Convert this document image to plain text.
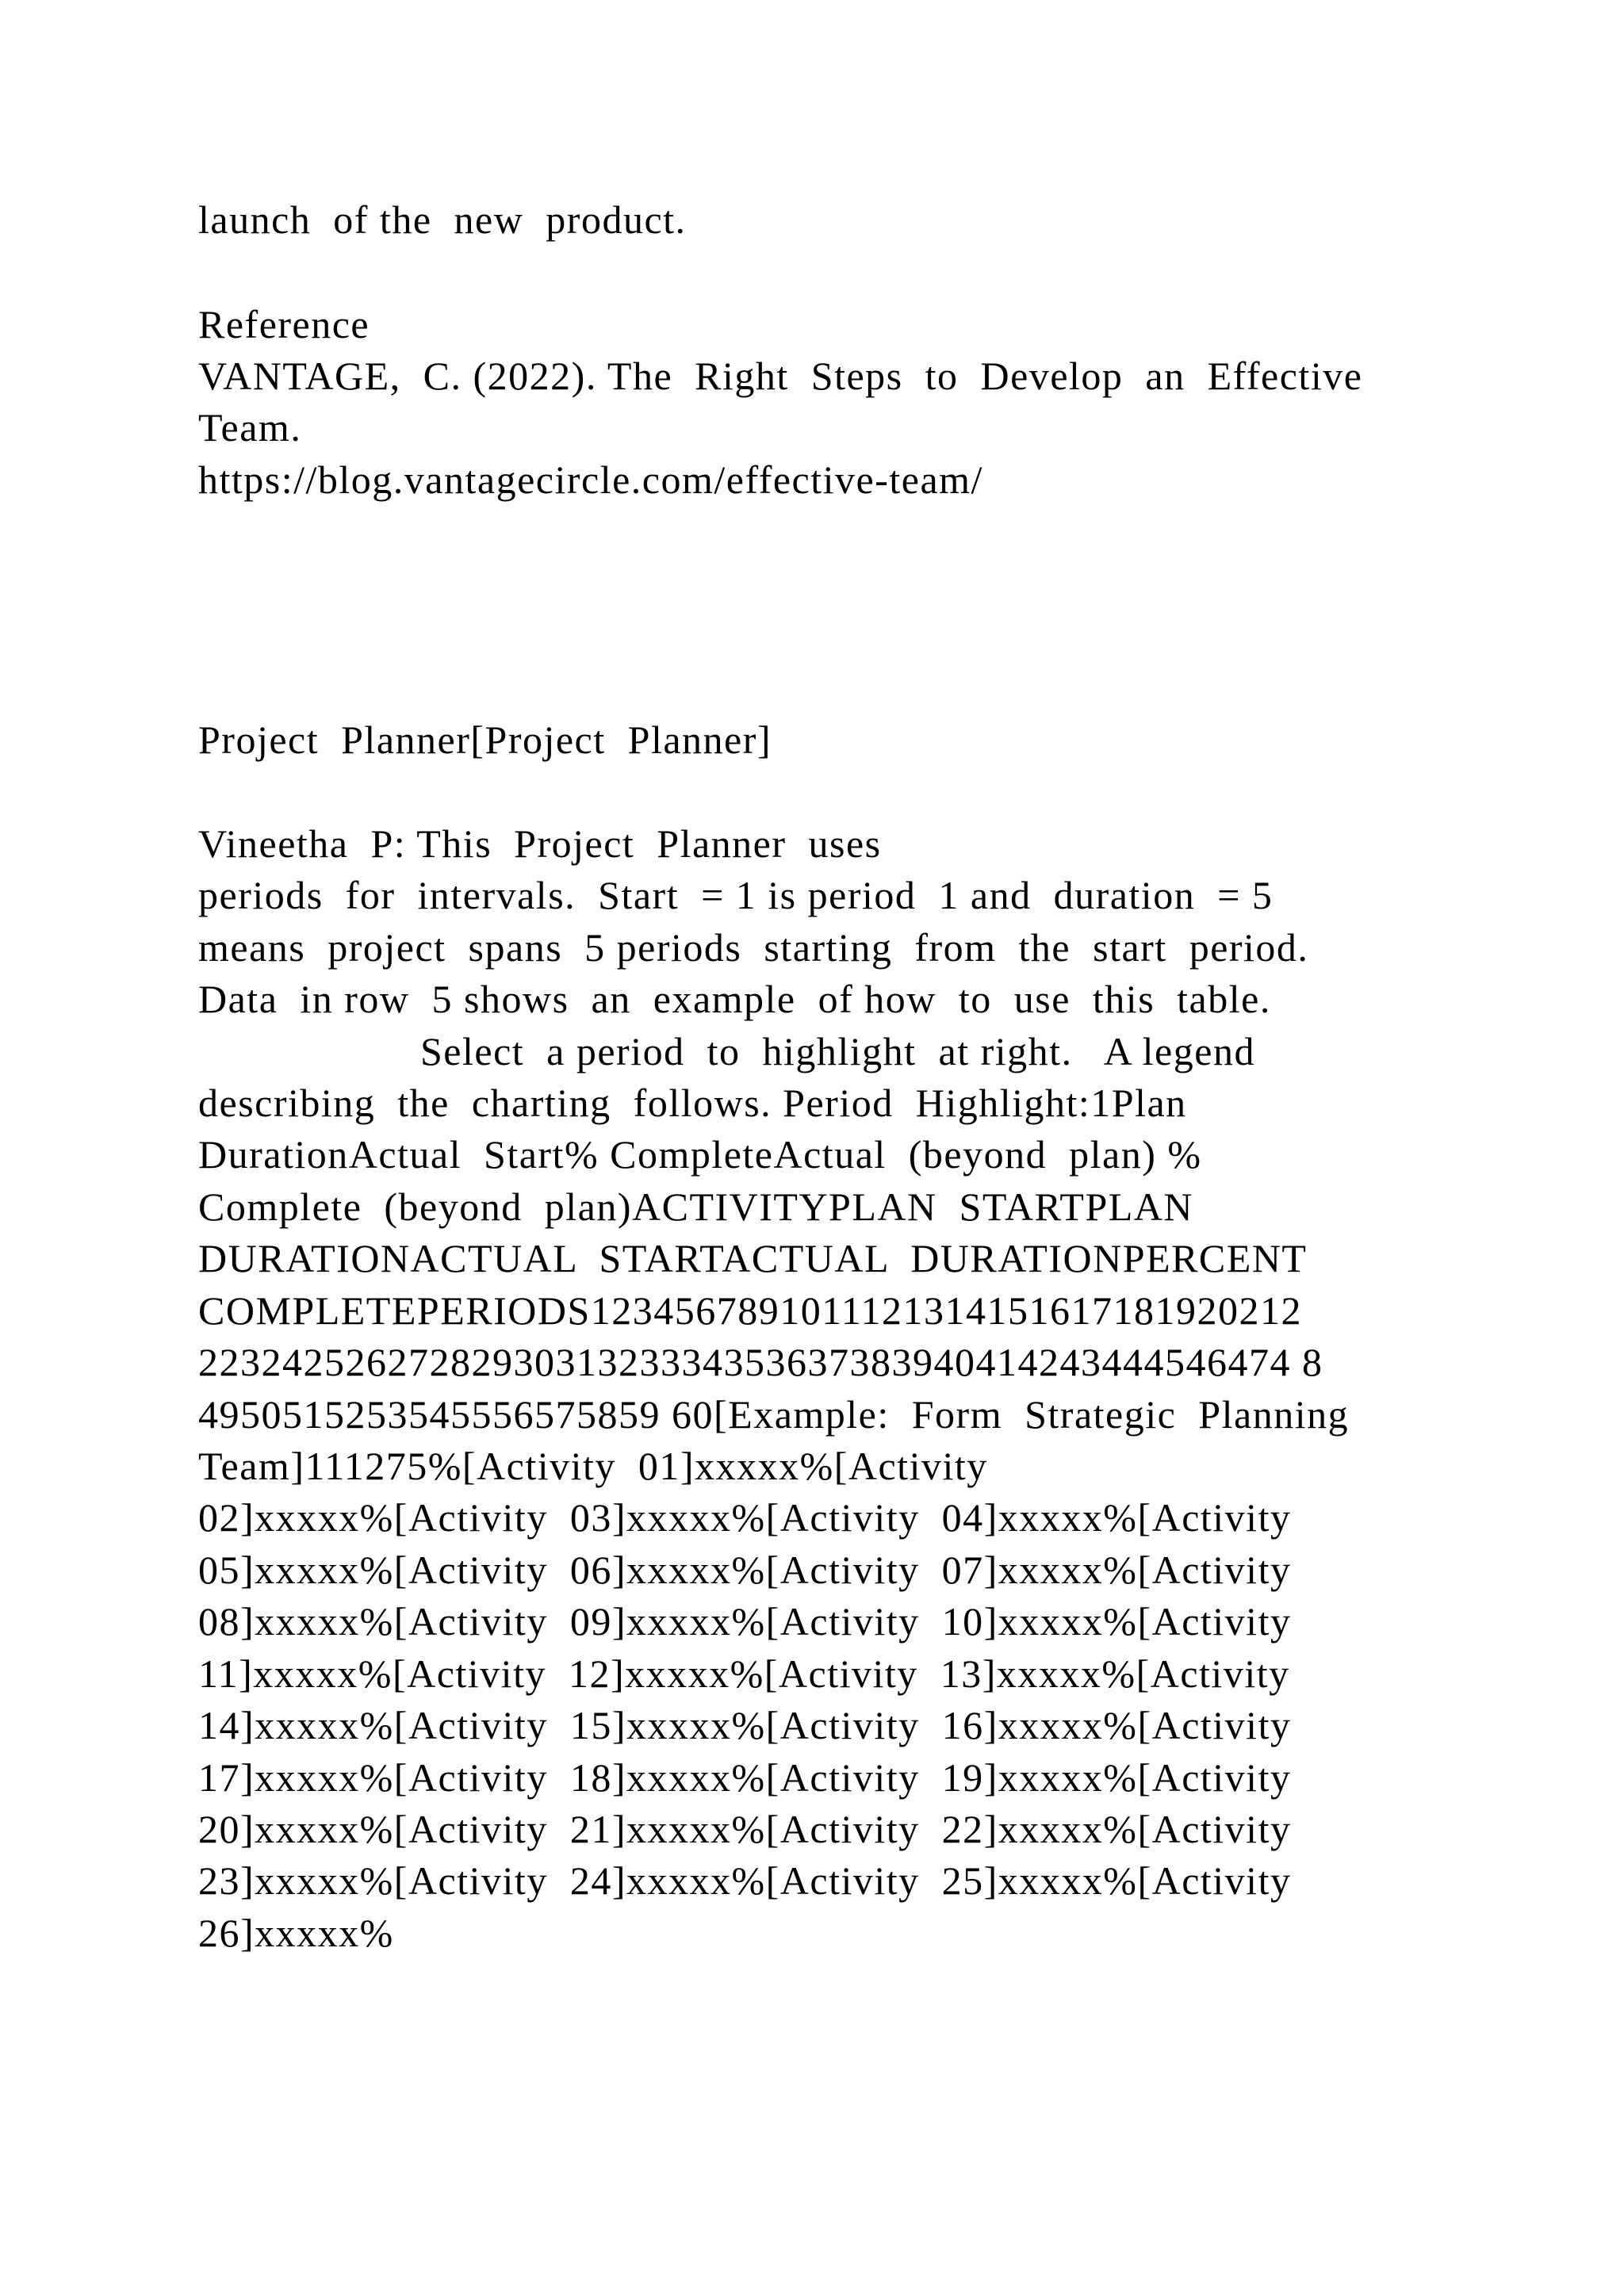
launch  of the  new  product.
Reference
VANTAGE,  C. (2022). The  Right  Steps  to  Develop  an  Effective
Team.
https://blog.vantagecircle.com/effective-team/
Project  Planner[Project  Planner]
Vineetha  P: This  Project  Planner  uses
periods  for  intervals.  Start  = 1 is period  1 and  duration  = 5
means  project  spans  5 periods  starting  from  the  start  period.
Data  in row  5 shows  an  example  of how  to  use  this  table.
Select  a period  to  highlight  at right.   A legend
describing  the  charting  follows. Period  Highlight:1Plan
DurationActual  Start% CompleteActual  (beyond  plan) %
Complete  (beyond  plan)ACTIVITYPLAN  STARTPLAN
DURATIONACTUAL  STARTACTUAL  DURATIONPERCENT
COMPLETEPERIODS1234567891011121314151617181920212
2232425262728293031323334353637383940414243444546474 8
4950515253545556575859 60[Example:  Form  Strategic  Planning
Team]111275%[Activity  01]xxxxx%[Activity
02]xxxxx%[Activity  03]xxxxx%[Activity  04]xxxxx%[Activity
05]xxxxx%[Activity  06]xxxxx%[Activity  07]xxxxx%[Activity
08]xxxxx%[Activity  09]xxxxx%[Activity  10]xxxxx%[Activity
11]xxxxx%[Activity  12]xxxxx%[Activity  13]xxxxx%[Activity
14]xxxxx%[Activity  15]xxxxx%[Activity  16]xxxxx%[Activity
17]xxxxx%[Activity  18]xxxxx%[Activity  19]xxxxx%[Activity
20]xxxxx%[Activity  21]xxxxx%[Activity  22]xxxxx%[Activity
23]xxxxx%[Activity  24]xxxxx%[Activity  25]xxxxx%[Activity
26]xxxxx%
